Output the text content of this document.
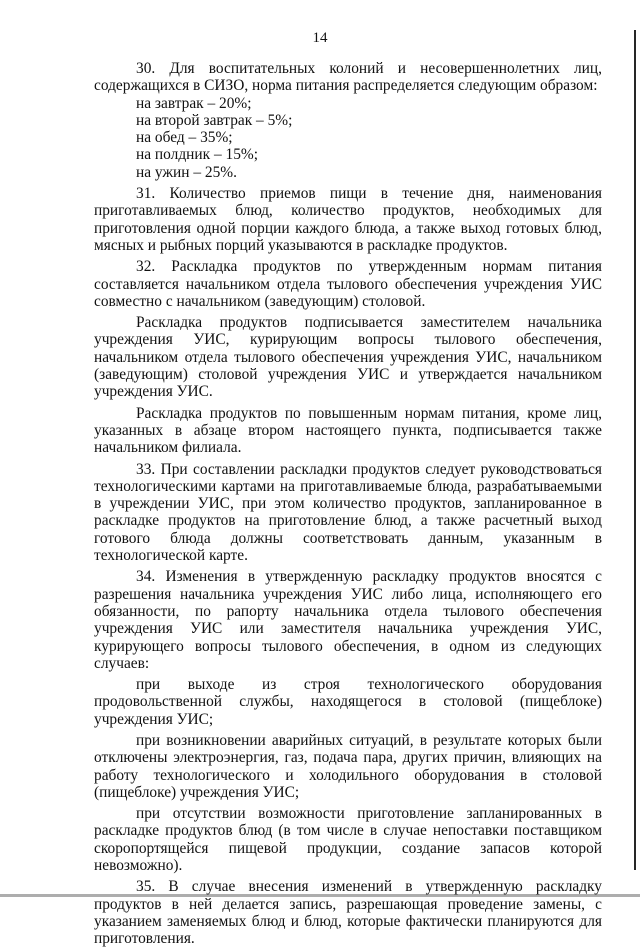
14
30. Для воспитательных колоний и несовершеннолетних лиц, содержащихся в СИЗО, норма питания распределяется следующим образом:
на завтрак – 20%;
на второй завтрак – 5%;
на обед – 35%;
на полдник – 15%;
на ужин – 25%.
31. Количество приемов пищи в течение дня, наименования приготавливаемых блюд, количество продуктов, необходимых для приготовления одной порции каждого блюда, а также выход готовых блюд, мясных и рыбных порций указываются в раскладке продуктов.
32. Раскладка продуктов по утвержденным нормам питания составляется начальником отдела тылового обеспечения учреждения УИС совместно с начальником (заведующим) столовой.
Раскладка продуктов подписывается заместителем начальника учреждения УИС, курирующим вопросы тылового обеспечения, начальником отдела тылового обеспечения учреждения УИС, начальником (заведующим) столовой учреждения УИС и утверждается начальником учреждения УИС.
Раскладка продуктов по повышенным нормам питания, кроме лиц, указанных в абзаце втором настоящего пункта, подписывается также начальником филиала.
33. При составлении раскладки продуктов следует руководствоваться технологическими картами на приготавливаемые блюда, разрабатываемыми в учреждении УИС, при этом количество продуктов, запланированное в раскладке продуктов на приготовление блюд, а также расчетный выход готового блюда должны соответствовать данным, указанным в технологической карте.
34. Изменения в утвержденную раскладку продуктов вносятся с разрешения начальника учреждения УИС либо лица, исполняющего его обязанности, по рапорту начальника отдела тылового обеспечения учреждения УИС или заместителя начальника учреждения УИС, курирующего вопросы тылового обеспечения, в одном из следующих случаев:
при выходе из строя технологического оборудования продовольственной службы, находящегося в столовой (пищеблоке) учреждения УИС;
при возникновении аварийных ситуаций, в результате которых были отключены электроэнергия, газ, подача пара, других причин, влияющих на работу технологического и холодильного оборудования в столовой (пищеблоке) учреждения УИС;
при отсутствии возможности приготовление запланированных в раскладке продуктов блюд (в том числе в случае непоставки поставщиком скоропортящейся пищевой продукции, создание запасов которой невозможно).
35. В случае внесения изменений в утвержденную раскладку продуктов в ней делается запись, разрешающая проведение замены, с указанием заменяемых блюд и блюд, которые фактически планируются для приготовления.
